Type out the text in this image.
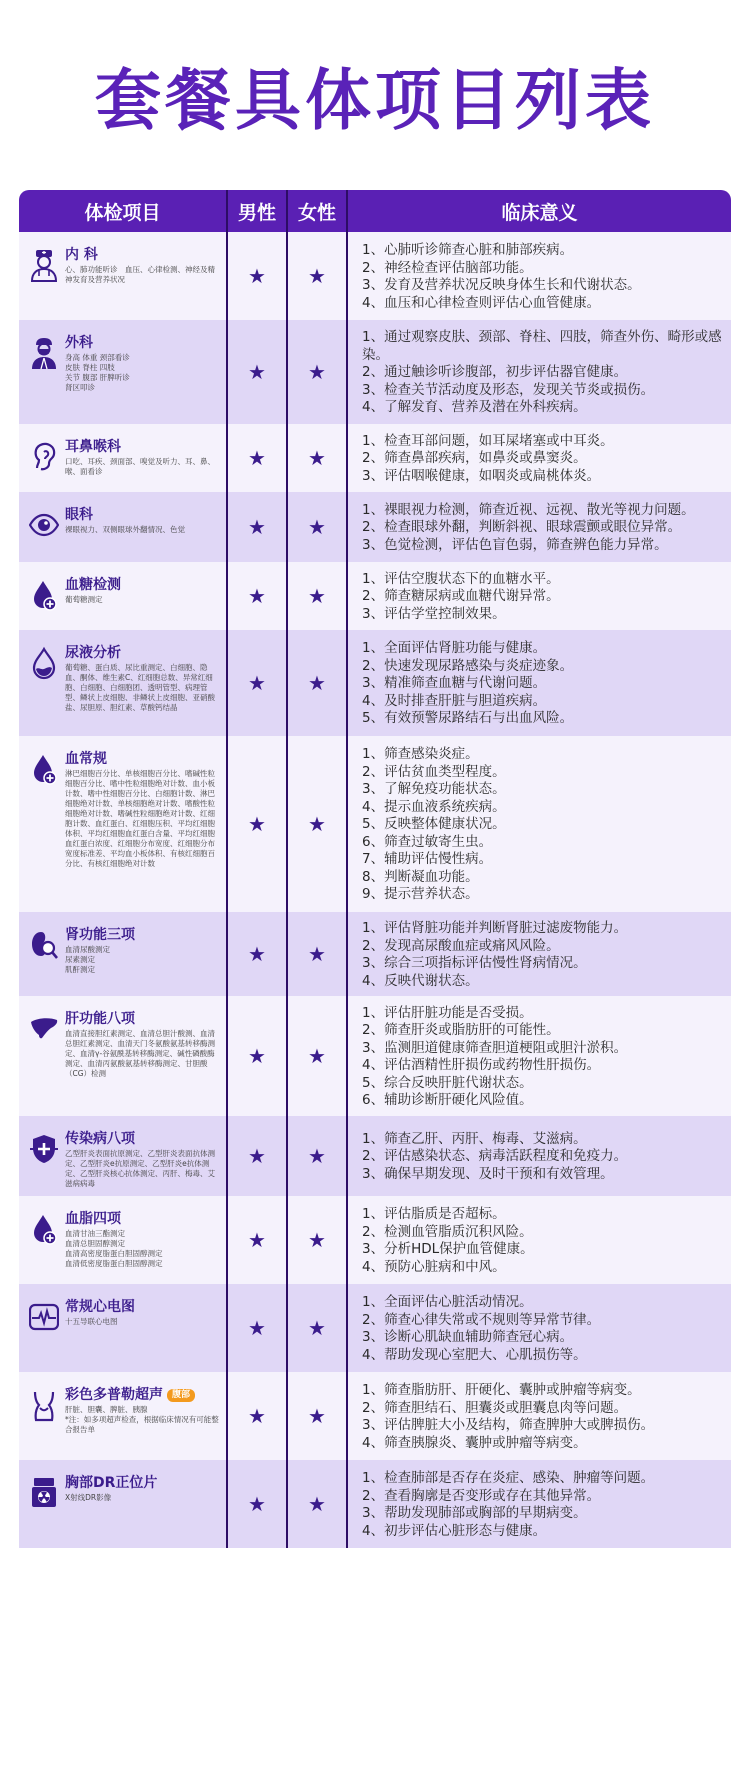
套餐具体项目列表
体检项目	男性	女性	临床意义
内 科
心、肺功能听诊　血压、心律检测、神经及精神发育及营养状况	★	★
1、心肺听诊筛查心脏和肺部疾病。
2、神经检查评估脑部功能。
3、发育及营养状况反映身体生长和代谢状态。
4、血压和心律检查则评估心血管健康。
外科
身高 体重 颈部看诊
皮肤 脊柱 四肢
关节 腹部 肝脾听诊
肾区叩诊
★	★
1、通过观察皮肤、颈部、脊柱、四肢，筛查外伤、畸形或感染。
2、通过触诊听诊腹部，初步评估器官健康。
3、检查关节活动度及形态，发现关节炎或损伤。
4、了解发育、营养及潜在外科疾病。
耳鼻喉科
口吃、耳疾、颈面部、嗅觉及听力、耳、鼻、喉、面看诊
★	★
1、检查耳部问题，如耳屎堵塞或中耳炎。
2、筛查鼻部疾病，如鼻炎或鼻窦炎。
3、评估咽喉健康，如咽炎或扁桃体炎。
眼科
裸眼视力、双侧眼球外翻情况、色觉	★	★
1、裸眼视力检测，筛查近视、远视、散光等视力问题。
2、检查眼球外翻，判断斜视、眼球震颤或眼位异常。
3、色觉检测，评估色盲色弱，筛查辨色能力异常。
血糖检测
葡萄糖测定	★	★
1、评估空腹状态下的血糖水平。
2、筛查糖尿病或血糖代谢异常。
3、评估学堂控制效果。
尿液分析
葡萄糖、蛋白质、尿比重测定、白细胞、隐血、酮体、维生素C、红细胞总数、异常红细胞、白细胞、白细胞团、透明管型、病理管型、鳞状上皮细胞、非鳞状上皮细胞、亚硝酸盐、尿胆原、胆红素、草酸钙结晶
★	★
1、全面评估肾脏功能与健康。
2、快速发现尿路感染与炎症迹象。
3、精准筛查血糖与代谢问题。
4、及时排查肝脏与胆道疾病。
5、有效预警尿路结石与出血风险。
血常规
淋巴细胞百分比、单核细胞百分比、嗜碱性粒细胞百分比、嗜中性粒细胞绝对计数、血小板计数、嗜中性细胞百分比、白细胞计数、淋巴细胞绝对计数、单核细胞绝对计数、嗜酸性粒细胞绝对计数、嗜碱性粒细胞绝对计数、红细胞计数、血红蛋白、红细胞压积、平均红细胞体积、平均红细胞血红蛋白含量、平均红细胞血红蛋白浓度、红细胞分布宽度、红细胞分布宽度标准差、平均血小板体积、有核红细胞百分比、有核红细胞绝对计数
★	★
1、筛查感染炎症。
2、评估贫血类型程度。
3、了解免疫功能状态。
4、提示血液系统疾病。
5、反映整体健康状况。
6、筛查过敏寄生虫。
7、辅助评估慢性病。
8、判断凝血功能。
9、提示营养状态。
肾功能三项
血清尿酸测定
尿素测定
肌酐测定
★	★
1、评估肾脏功能并判断肾脏过滤废物能力。
2、发现高尿酸血症或痛风风险。
3、综合三项指标评估慢性肾病情况。
4、反映代谢状态。
肝功能八项
血清直接胆红素测定、血清总胆汁酸测、血清总胆红素测定、血清天门冬氨酸氨基转移酶测定、血清γ-谷氨酰基转移酶测定、碱性磷酸酶测定、血清丙氨酸氨基转移酶测定、甘胆酸（CG）检测
★	★
1、评估肝脏功能是否受损。
2、筛查肝炎或脂肪肝的可能性。
3、监测胆道健康筛查胆道梗阻或胆汁淤积。
4、评估酒精性肝损伤或药物性肝损伤。
5、综合反映肝脏代谢状态。
6、辅助诊断肝硬化风险值。
传染病八项
乙型肝炎表面抗原测定、乙型肝炎表面抗体测定、乙型肝炎e抗原测定、乙型肝炎e抗体测定、乙型肝炎核心抗体测定、丙肝、梅毒、艾滋病病毒
★	★
1、筛查乙肝、丙肝、梅毒、艾滋病。
2、评估感染状态、病毒活跃程度和免疫力。
3、确保早期发现、及时干预和有效管理。
血脂四项
血清甘油三酯测定
血清总胆固醇测定
血清高密度脂蛋白胆固醇测定
血清低密度脂蛋白胆固醇测定
★	★
1、评估脂质是否超标。
2、检测血管脂质沉积风险。
3、分析HDL保护血管健康。
4、预防心脏病和中风。
常规心电图
十五导联心电图	★	★
1、全面评估心脏活动情况。
2、筛查心律失常或不规则等异常节律。
3、诊断心肌缺血辅助筛查冠心病。
4、帮助发现心室肥大、心肌损伤等。
彩色多普勒超声 腹部
肝脏、胆囊、脾脏、胰腺
*注：如多项超声检查，根据临床情况有可能整合报告单
★	★
1、筛查脂肪肝、肝硬化、囊肿或肿瘤等病变。
2、筛查胆结石、胆囊炎或胆囊息肉等问题。
3、评估脾脏大小及结构，筛查脾肿大或脾损伤。
4、筛查胰腺炎、囊肿或肿瘤等病变。
胸部DR正位片
X射线DR影像	★	★
1、检查肺部是否存在炎症、感染、肿瘤等问题。
2、查看胸廓是否变形或存在其他异常。
3、帮助发现肺部或胸部的早期病变。
4、初步评估心脏形态与健康。
